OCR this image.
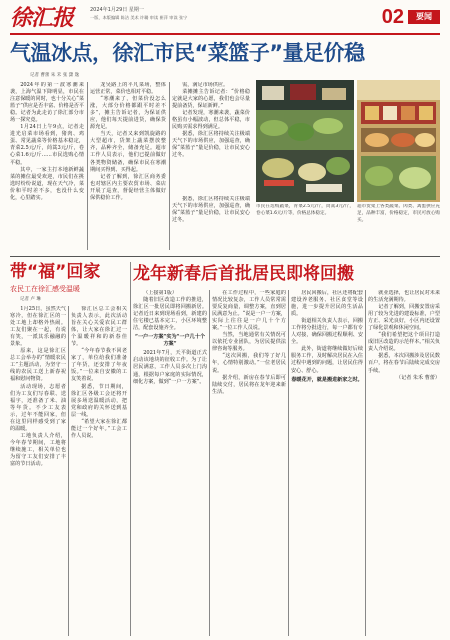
徐汇报	2024年1月29日 星期一
一版、本版编辑 陈洁 美术 许璐 审读 崔萍 审读 张宁	02	要闻
气温冰点，徐汇市民“菜篮子”量足价稳
记者 曹蕾 朱 禾 张 潇 逸

2024年的第一波寒潮来袭，上海气温下降明显，市民在注意保暖的同时，也十分关心“菜篮子”供应是否丰富、价格是否平稳。记者为此走访了徐汇部分市场一探究竟。

1月24日上午9点，记者走进光启菜市场看到，猪肉、鸡蛋、常见蔬菜等价格基本稳定，青菜2.5元/斤，茼蒿3元/斤，卷心菜1.6元/斤……市民选购心情平稳。

其中，一家主打本地新鲜蔬菜的摊位最受欢迎，市民们在挑选时纷纷说道，现在天气冷，菜价和平时差不多，也没什么变化，心里踏实。

龙吴路上的平凡菜场，整体运营正常，菜价也相对平稳。

“寒潮来了，但菜价没怎么涨，大部分价格都跟平时差不多”，摊主告诉记者，为保证供应，他们每天提前进货，确保货源充足。

当天，记者又来到凯旋路的大型超市，货架上蔬菜摆放整齐，品种齐全，储备充足。超市工作人员表示，他们已提前做好各类物资储备，确保市民在寒潮期间买得到、买得起。

记者了解到，徐汇区商务委也对辖区内主要农贸市场、菜店开展了巡查，督促经营主体做好保供稳价工作。

需，满足市场供应。

菜摊摊主告诉记者：“价格稳定就是大家的心愿，我们也会尽量提前备货，保证新鲜。”

记者发现，寒潮来袭，蔬菜价格虽有小幅波动，但总体平稳，市民购买需求得到满足。

据悉，徐汇区将持续关注极端天气下的市场供应，加强巡查，确保“菜篮子”量足价稳，让市民安心过冬。

市民在选购蔬菜，青菜2.5元/斤，茼蒿3元/斤，卷心菜1.6元/斤等，价格总体稳定。
超市货架上各类蔬菜、肉类、禽蛋供应充足，品种丰富，价格稳定，市民可放心购买。

据悉，徐汇区将持续关注极端天气下的市场供应，加强巡查，确保“菜篮子”量足价稳，让市民安心过冬。

带“福”回家
农民工在徐汇感受温暖
记者 卢 琳

1月25日，虽然天气寒冷，但在徐汇区的一处工地上却格外热闹。工友们聚在一起，有说有笑，一派其乐融融的景象。

原来，这是徐汇区总工会举办的“情暖农民工”主题活动，为坚守一线的农民工送上新春祝福和慰问物资。

活动现场，志愿者们为工友们写春联、送福字，还准备了米、油等年货。不少工友表示，过年不能回家，但在这里同样感受到了家的温暖。

工地负责人介绍，今年春节期间，工地将继续施工，相关单位也为留守工友们安排了丰富的节日活动。

徐汇区总工会相关负责人表示，此次活动旨在关心关爱农民工群体，让大家在徐汇过一个温暖祥和的新春佳节。

“今年春节我不回老家了，单位给我们准备了年货，还安排了年夜饭。”一位来自安徽的工友笑着说。

据悉，节日期间，徐汇区各级工会还将开展多场送温暖活动，把党和政府的关怀送到基层一线。

“希望大家在徐汇都能过一个好年。”工会工作人员说。

龙年新春后首批居民即将回搬

（上接第1版）

随着旧区改造工作的推进，徐汇区一批居民即将回搬新居。记者近日来到现场看到，新建的住宅楼已基本完工，小区环境整洁，配套设施齐全。

“一户一方案”实为“一户几十个方案”

2021年7月，天平街道正式启动该地块的征收工作。为了让居民满意，工作人员多次上门沟通，根据每户家庭的实际情况，细化方案，做到“一户一方案”。

在工作过程中，一些家庭的情况比较复杂，工作人员常常需要反复商量，调整方案，直到居民满意为止。“说是一户一方案，实际上往往是一户几十个方案。”一位工作人员说。

当然，当地通常有关情况可以依托专业团队，为居民提供法律咨询等服务。

“这次回搬，我们等了好几年，心情特别激动。”一位老居民说。

据介绍，新房在春节后即可陆续交付，居民将在龙年迎来新生活。

居民回搬后，社区还将配套建设养老服务、社区食堂等设施，进一步提升居民的生活品质。

街道相关负责人表示，回搬工作将分批进行，每一户都有专人对接，确保回搬过程顺利、安全。

此外，街道将继续做好后续服务工作，及时解决居民在入住过程中遇到的问题，让居民住得安心、舒心。

春暖花开，就是搬进新家之时。

就业选择，也让居民对未来的生活充满期待。

记者了解到，回搬安置房采用了较为先进的建设标准，户型方正、采光良好，小区内还设置了绿化景观和休闲空间。

“我们希望把这个项目打造成旧区改造的示范样本。”相关负责人介绍说。

据悉，本次回搬涉及居民数百户，将在春节后陆续完成交房手续。

（记者 朱禾 曹蕾）
